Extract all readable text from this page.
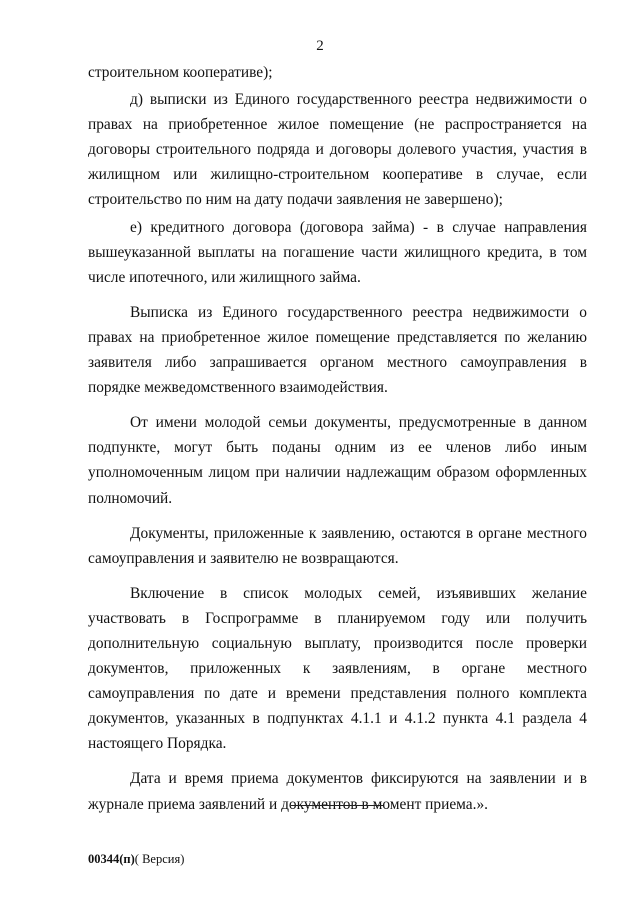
2

строительном кооперативе);

д) выписки из Единого государственного реестра недвижимости о правах на приобретенное жилое помещение (не распространяется на договоры строительного подряда и договоры долевого участия, участия в жилищном или жилищно-строительном кооперативе в случае, если строительство по ним на дату подачи заявления не завершено);

е) кредитного договора (договора займа) - в случае направления вышеуказанной выплаты на погашение части жилищного кредита, в том числе ипотечного, или жилищного займа.

Выписка из Единого государственного реестра недвижимости о правах на приобретенное жилое помещение представляется по желанию заявителя либо запрашивается органом местного самоуправления в порядке межведомственного взаимодействия.

От имени молодой семьи документы, предусмотренные в данном подпункте, могут быть поданы одним из ее членов либо иным уполномоченным лицом при наличии надлежащим образом оформленных полномочий.

Документы, приложенные к заявлению, остаются в органе местного самоуправления и заявителю не возвращаются.

Включение в список молодых семей, изъявивших желание участвовать в Госпрограмме в планируемом году или получить дополнительную социальную выплату, производится после проверки документов, приложенных к заявлениям, в органе местного самоуправления по дате и времени представления полного комплекта документов, указанных в подпунктах 4.1.1 и 4.1.2 пункта 4.1 раздела 4 настоящего Порядка.

Дата и время приема документов фиксируются на заявлении и в журнале приема заявлений и документов в момент приема.».

00344(п)( Версия)
